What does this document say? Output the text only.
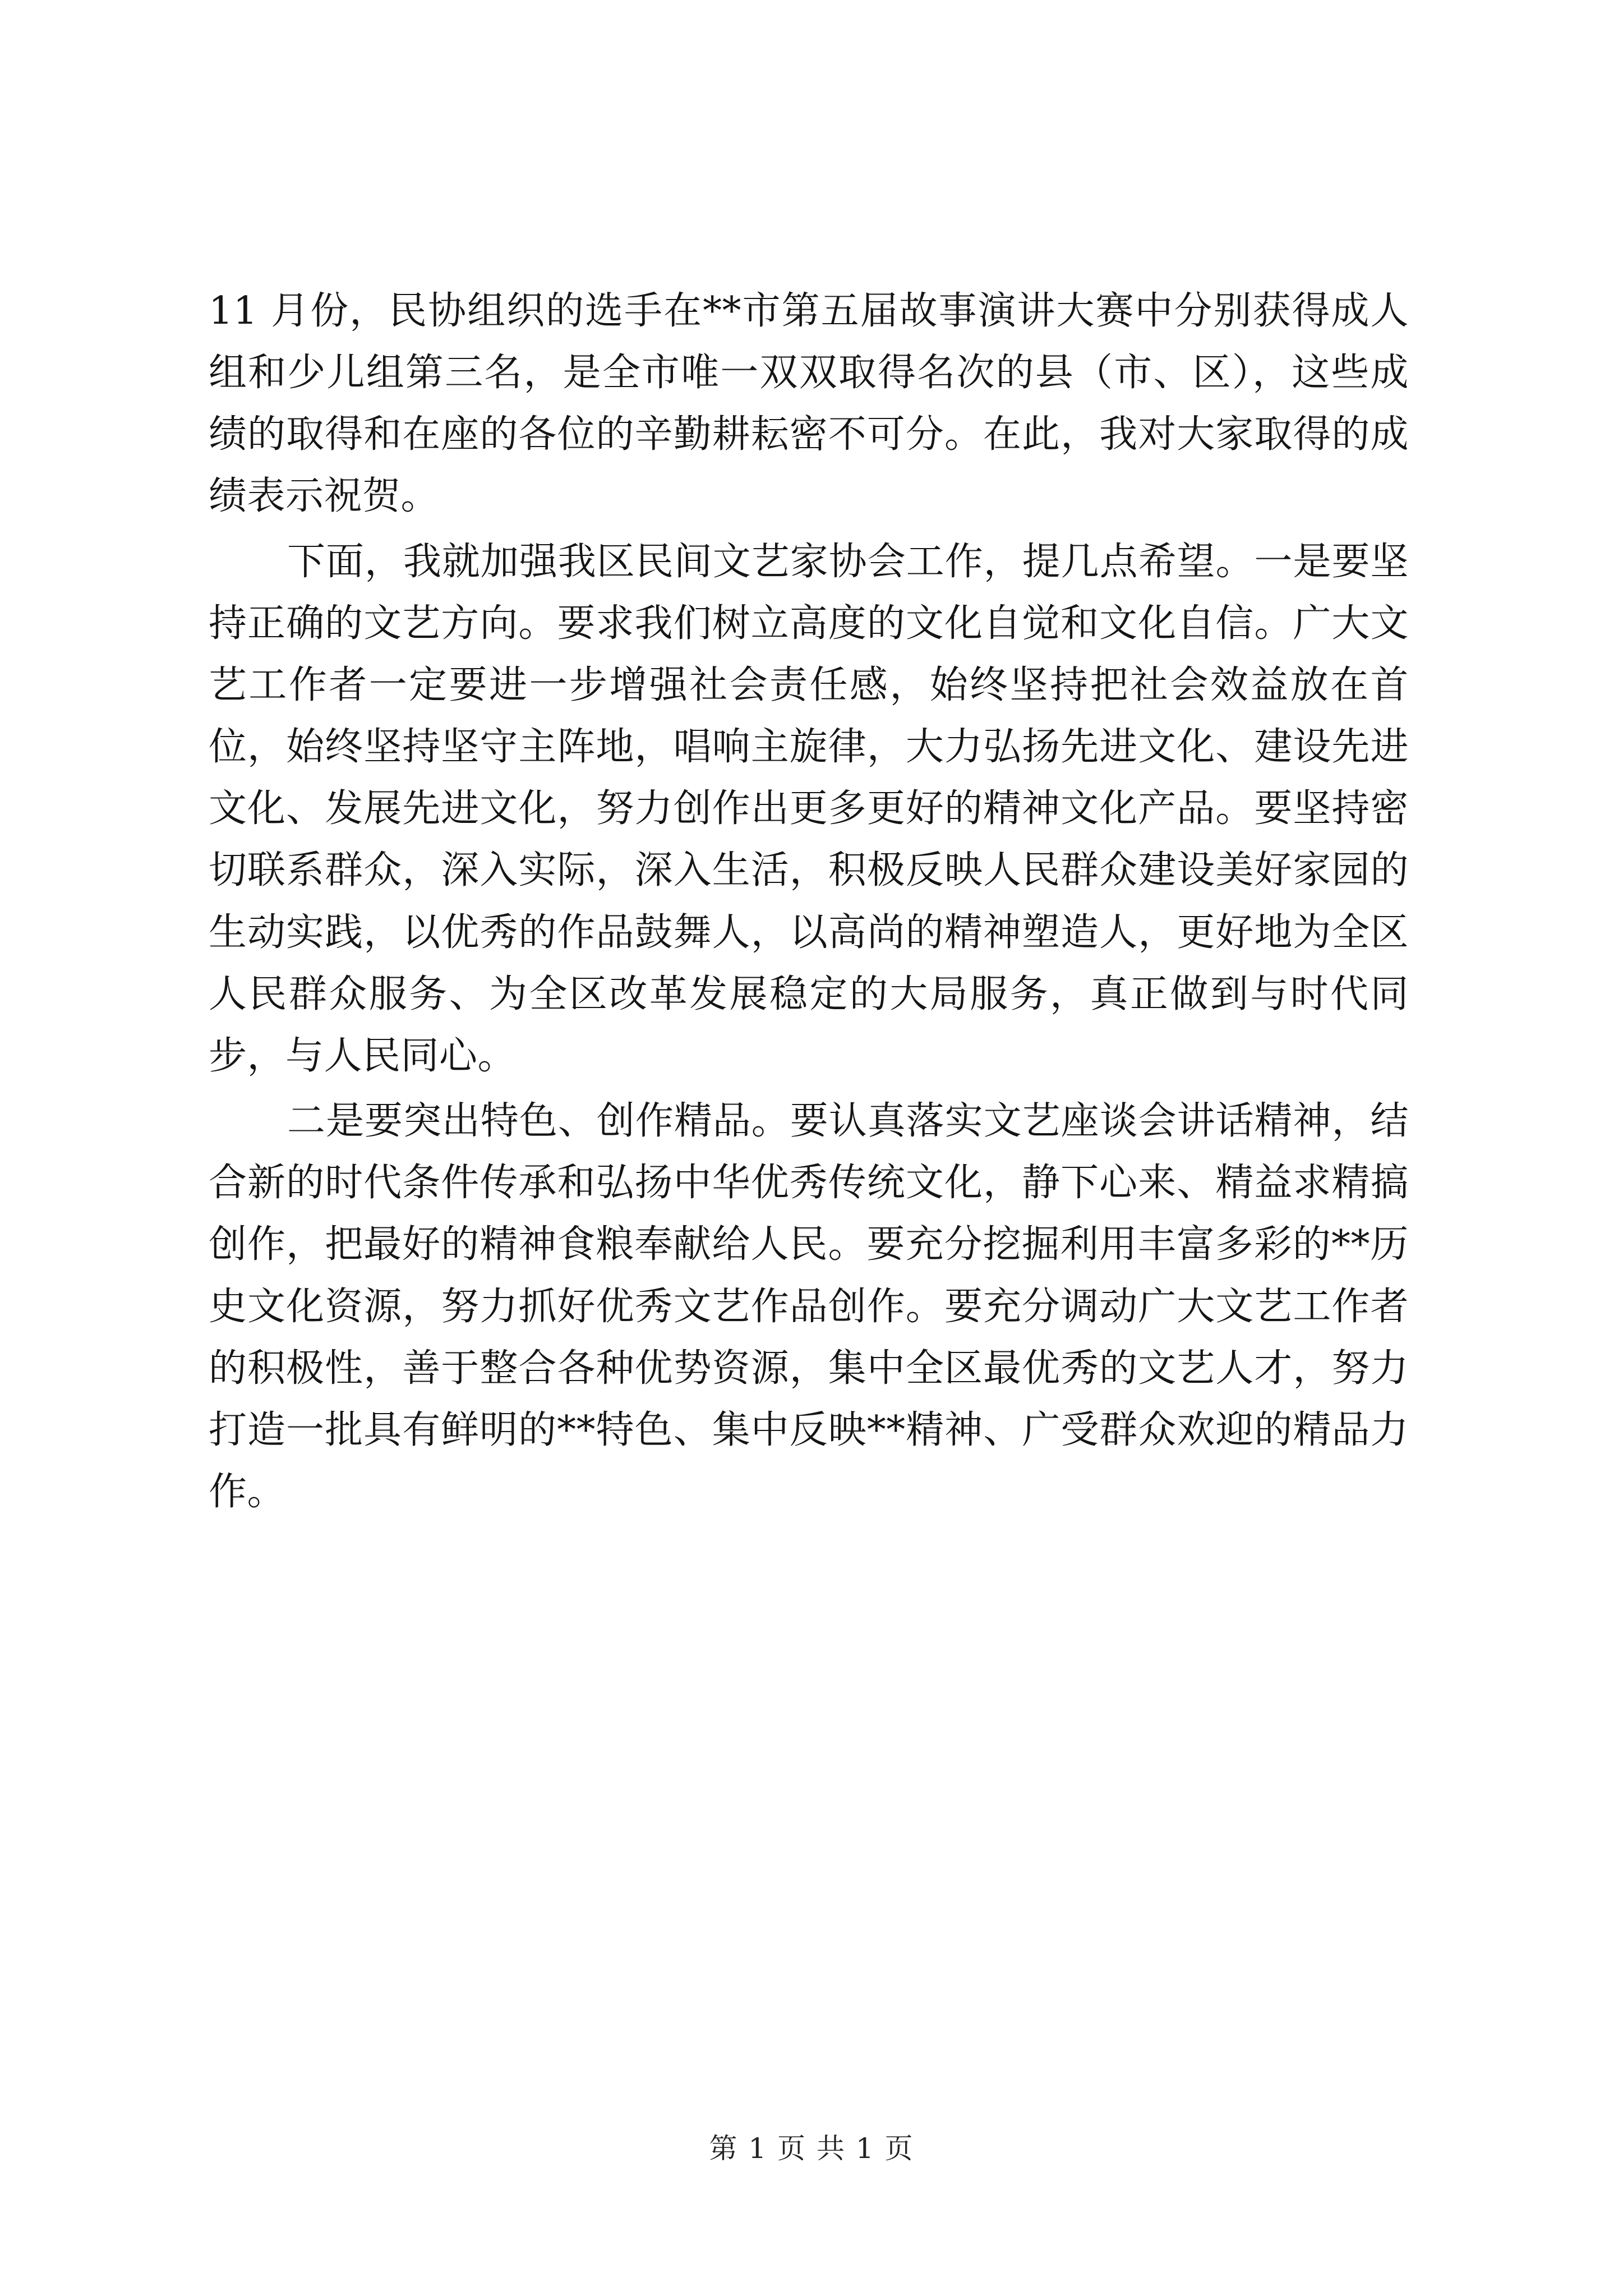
11 月份，民协组织的选手在**市第五届故事演讲大赛中分别获得成人组和少儿组第三名，是全市唯一双双取得名次的县（市、区），这些成绩的取得和在座的各位的辛勤耕耘密不可分。在此，我对大家取得的成绩表示祝贺。

下面，我就加强我区民间文艺家协会工作，提几点希望。一是要坚持正确的文艺方向。要求我们树立高度的文化自觉和文化自信。广大文艺工作者一定要进一步增强社会责任感，始终坚持把社会效益放在首位，始终坚持坚守主阵地，唱响主旋律，大力弘扬先进文化、建设先进文化、发展先进文化，努力创作出更多更好的精神文化产品。要坚持密切联系群众，深入实际，深入生活，积极反映人民群众建设美好家园的生动实践，以优秀的作品鼓舞人，以高尚的精神塑造人，更好地为全区人民群众服务、为全区改革发展稳定的大局服务，真正做到与时代同步，与人民同心。

二是要突出特色、创作精品。要认真落实文艺座谈会讲话精神，结合新的时代条件传承和弘扬中华优秀传统文化，静下心来、精益求精搞创作，把最好的精神食粮奉献给人民。要充分挖掘利用丰富多彩的**历史文化资源，努力抓好优秀文艺作品创作。要充分调动广大文艺工作者的积极性，善于整合各种优势资源，集中全区最优秀的文艺人才，努力打造一批具有鲜明的**特色、集中反映**精神、广受群众欢迎的精品力作。

第 1 页 共 1 页
